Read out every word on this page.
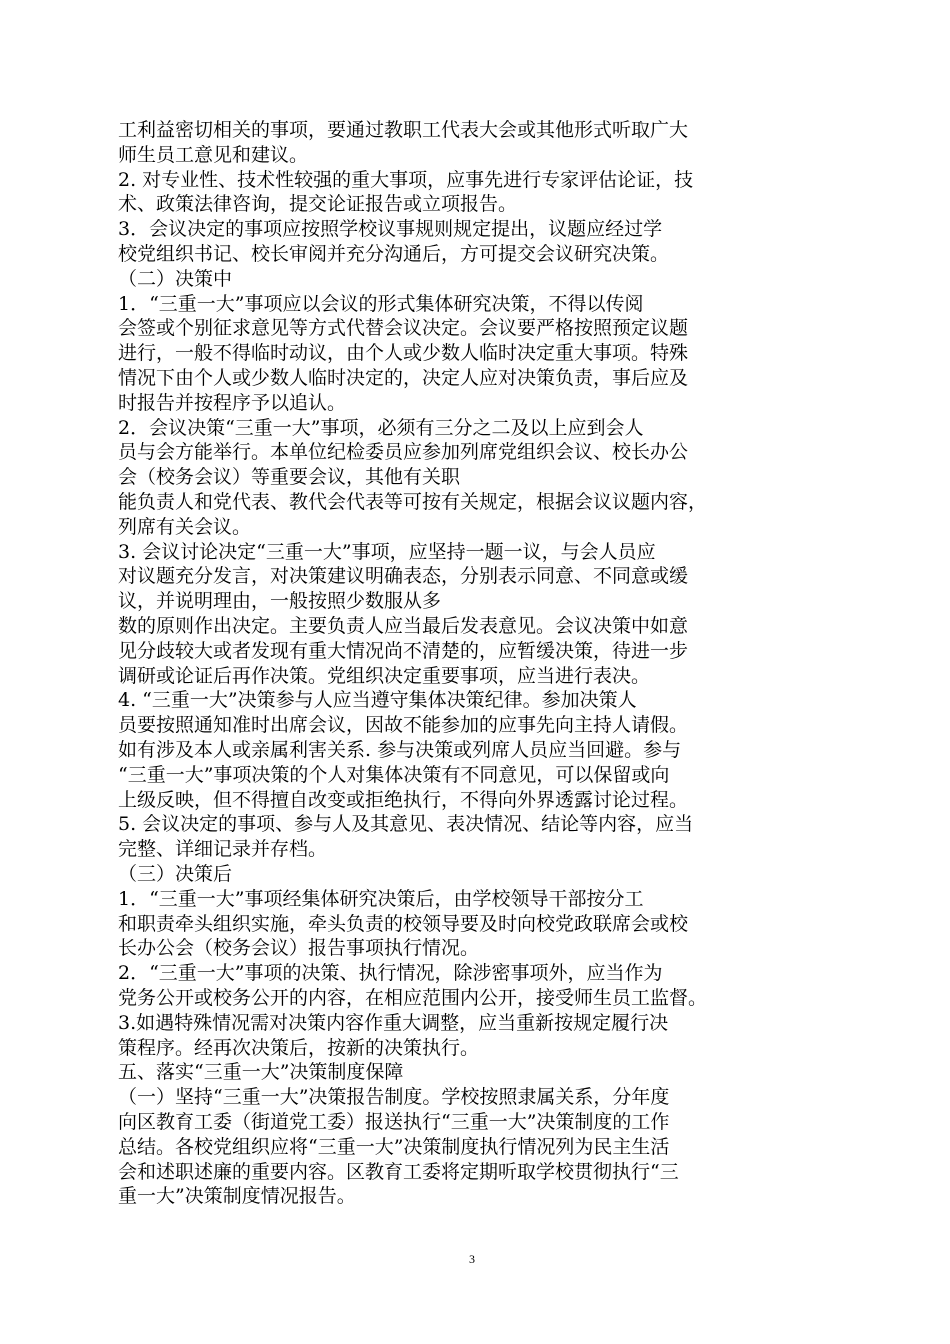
工利益密切相关的事项，要通过教职工代表大会或其他形式听取广大
师生员工意见和建议。
2. 对专业性、技术性较强的重大事项，应事先进行专家评估论证，技
术、政策法律咨询，提交论证报告或立项报告。
3．会议决定的事项应按照学校议事规则规定提出，议题应经过学
校党组织书记、校长审阅并充分沟通后，方可提交会议研究决策。
（二）决策中
1．“三重一大”事项应以会议的形式集体研究决策，不得以传阅
会签或个别征求意见等方式代替会议决定。会议要严格按照预定议题
进行，一般不得临时动议，由个人或少数人临时决定重大事项。特殊
情况下由个人或少数人临时决定的，决定人应对决策负责，事后应及
时报告并按程序予以追认。
2．会议决策“三重一大”事项，必须有三分之二及以上应到会人
员与会方能举行。本单位纪检委员应参加列席党组织会议、校长办公
会（校务会议）等重要会议，其他有关职
能负责人和党代表、教代会代表等可按有关规定，根据会议议题内容，
列席有关会议。
3. 会议讨论决定“三重一大”事项，应坚持一题一议，与会人员应
对议题充分发言，对决策建议明确表态，分别表示同意、不同意或缓
议，并说明理由，一般按照少数服从多
数的原则作出决定。主要负责人应当最后发表意见。会议决策中如意
见分歧较大或者发现有重大情况尚不清楚的，应暂缓决策，待进一步
调研或论证后再作决策。党组织决定重要事项，应当进行表决。
4. “三重一大”决策参与人应当遵守集体决策纪律。参加决策人
员要按照通知准时出席会议，因故不能参加的应事先向主持人请假。
如有涉及本人或亲属利害关系. 参与决策或列席人员应当回避。参与
“三重一大”事项决策的个人对集体决策有不同意见，可以保留或向
上级反映，但不得擅自改变或拒绝执行，不得向外界透露讨论过程。
5. 会议决定的事项、参与人及其意见、表决情况、结论等内容，应当
完整、详细记录并存档。
（三）决策后
1．“三重一大”事项经集体研究决策后，由学校领导干部按分工
和职责牵头组织实施，牵头负责的校领导要及时向校党政联席会或校
长办公会（校务会议）报告事项执行情况。
2．“三重一大”事项的决策、执行情况，除涉密事项外，应当作为
党务公开或校务公开的内容，在相应范围内公开，接受师生员工监督。
3.如遇特殊情况需对决策内容作重大调整，应当重新按规定履行决
策程序。经再次决策后，按新的决策执行。
五、落实“三重一大”决策制度保障
（一）坚持“三重一大”决策报告制度。学校按照隶属关系，分年度
向区教育工委（街道党工委）报送执行“三重一大”决策制度的工作
总结。各校党组织应将“三重一大”决策制度执行情况列为民主生活
会和述职述廉的重要内容。区教育工委将定期听取学校贯彻执行“三
重一大”决策制度情况报告。
3
